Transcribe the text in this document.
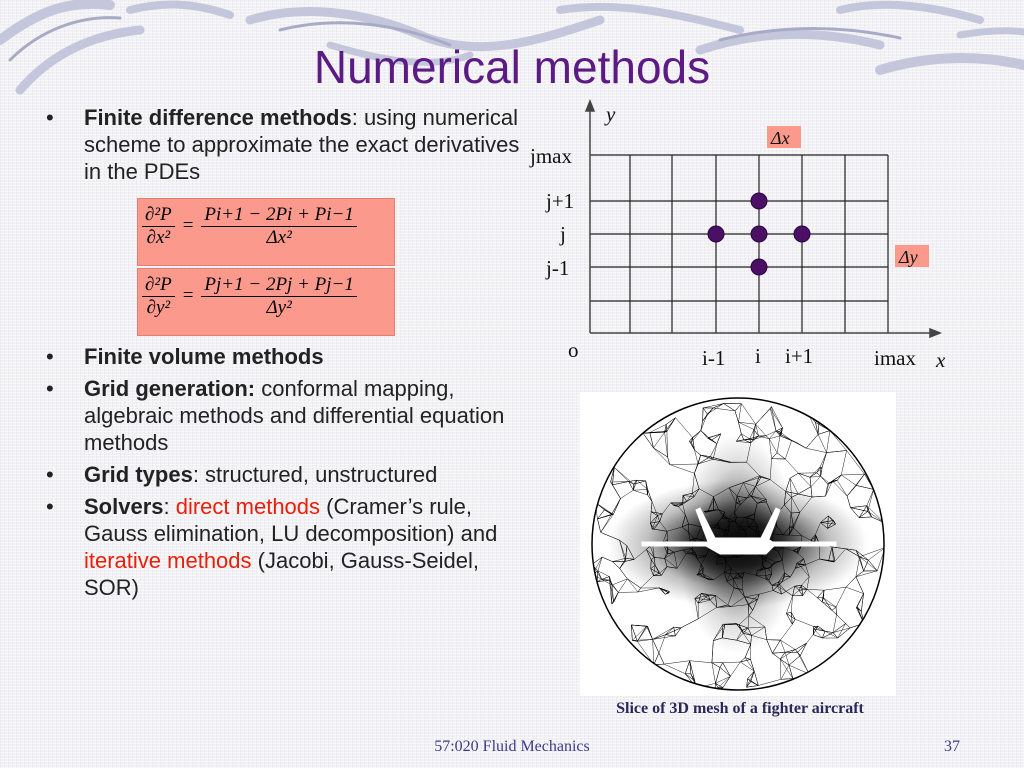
Numerical methods
• Finite difference methods: using numerical scheme to approximate the exact derivatives in the PDEs
• Finite volume methods
• Grid generation: conformal mapping, algebraic methods and differential equation methods
• Grid types: structured, unstructured
• Solvers: direct methods (Cramer’s rule, Gauss elimination, LU decomposition) and iterative methods (Jacobi, Gauss-Seidel, SOR)
$\frac{\text{∂²P}}{\text{∂x²}} = \frac{Pi+1 - 2Pi + Pi-1}{\text{Δx²}}$
$\frac{\text{∂²P}}{\text{∂y²}} = \frac{Pj+1 - 2Pj + Pj-1}{\text{Δy²}}$
Δx
Δy
y
jmax
j+1
j
j-1
o	i-1 i i+1	imax x
Slice of 3D mesh of a fighter aircraft
57:020 Fluid Mechanics	37
